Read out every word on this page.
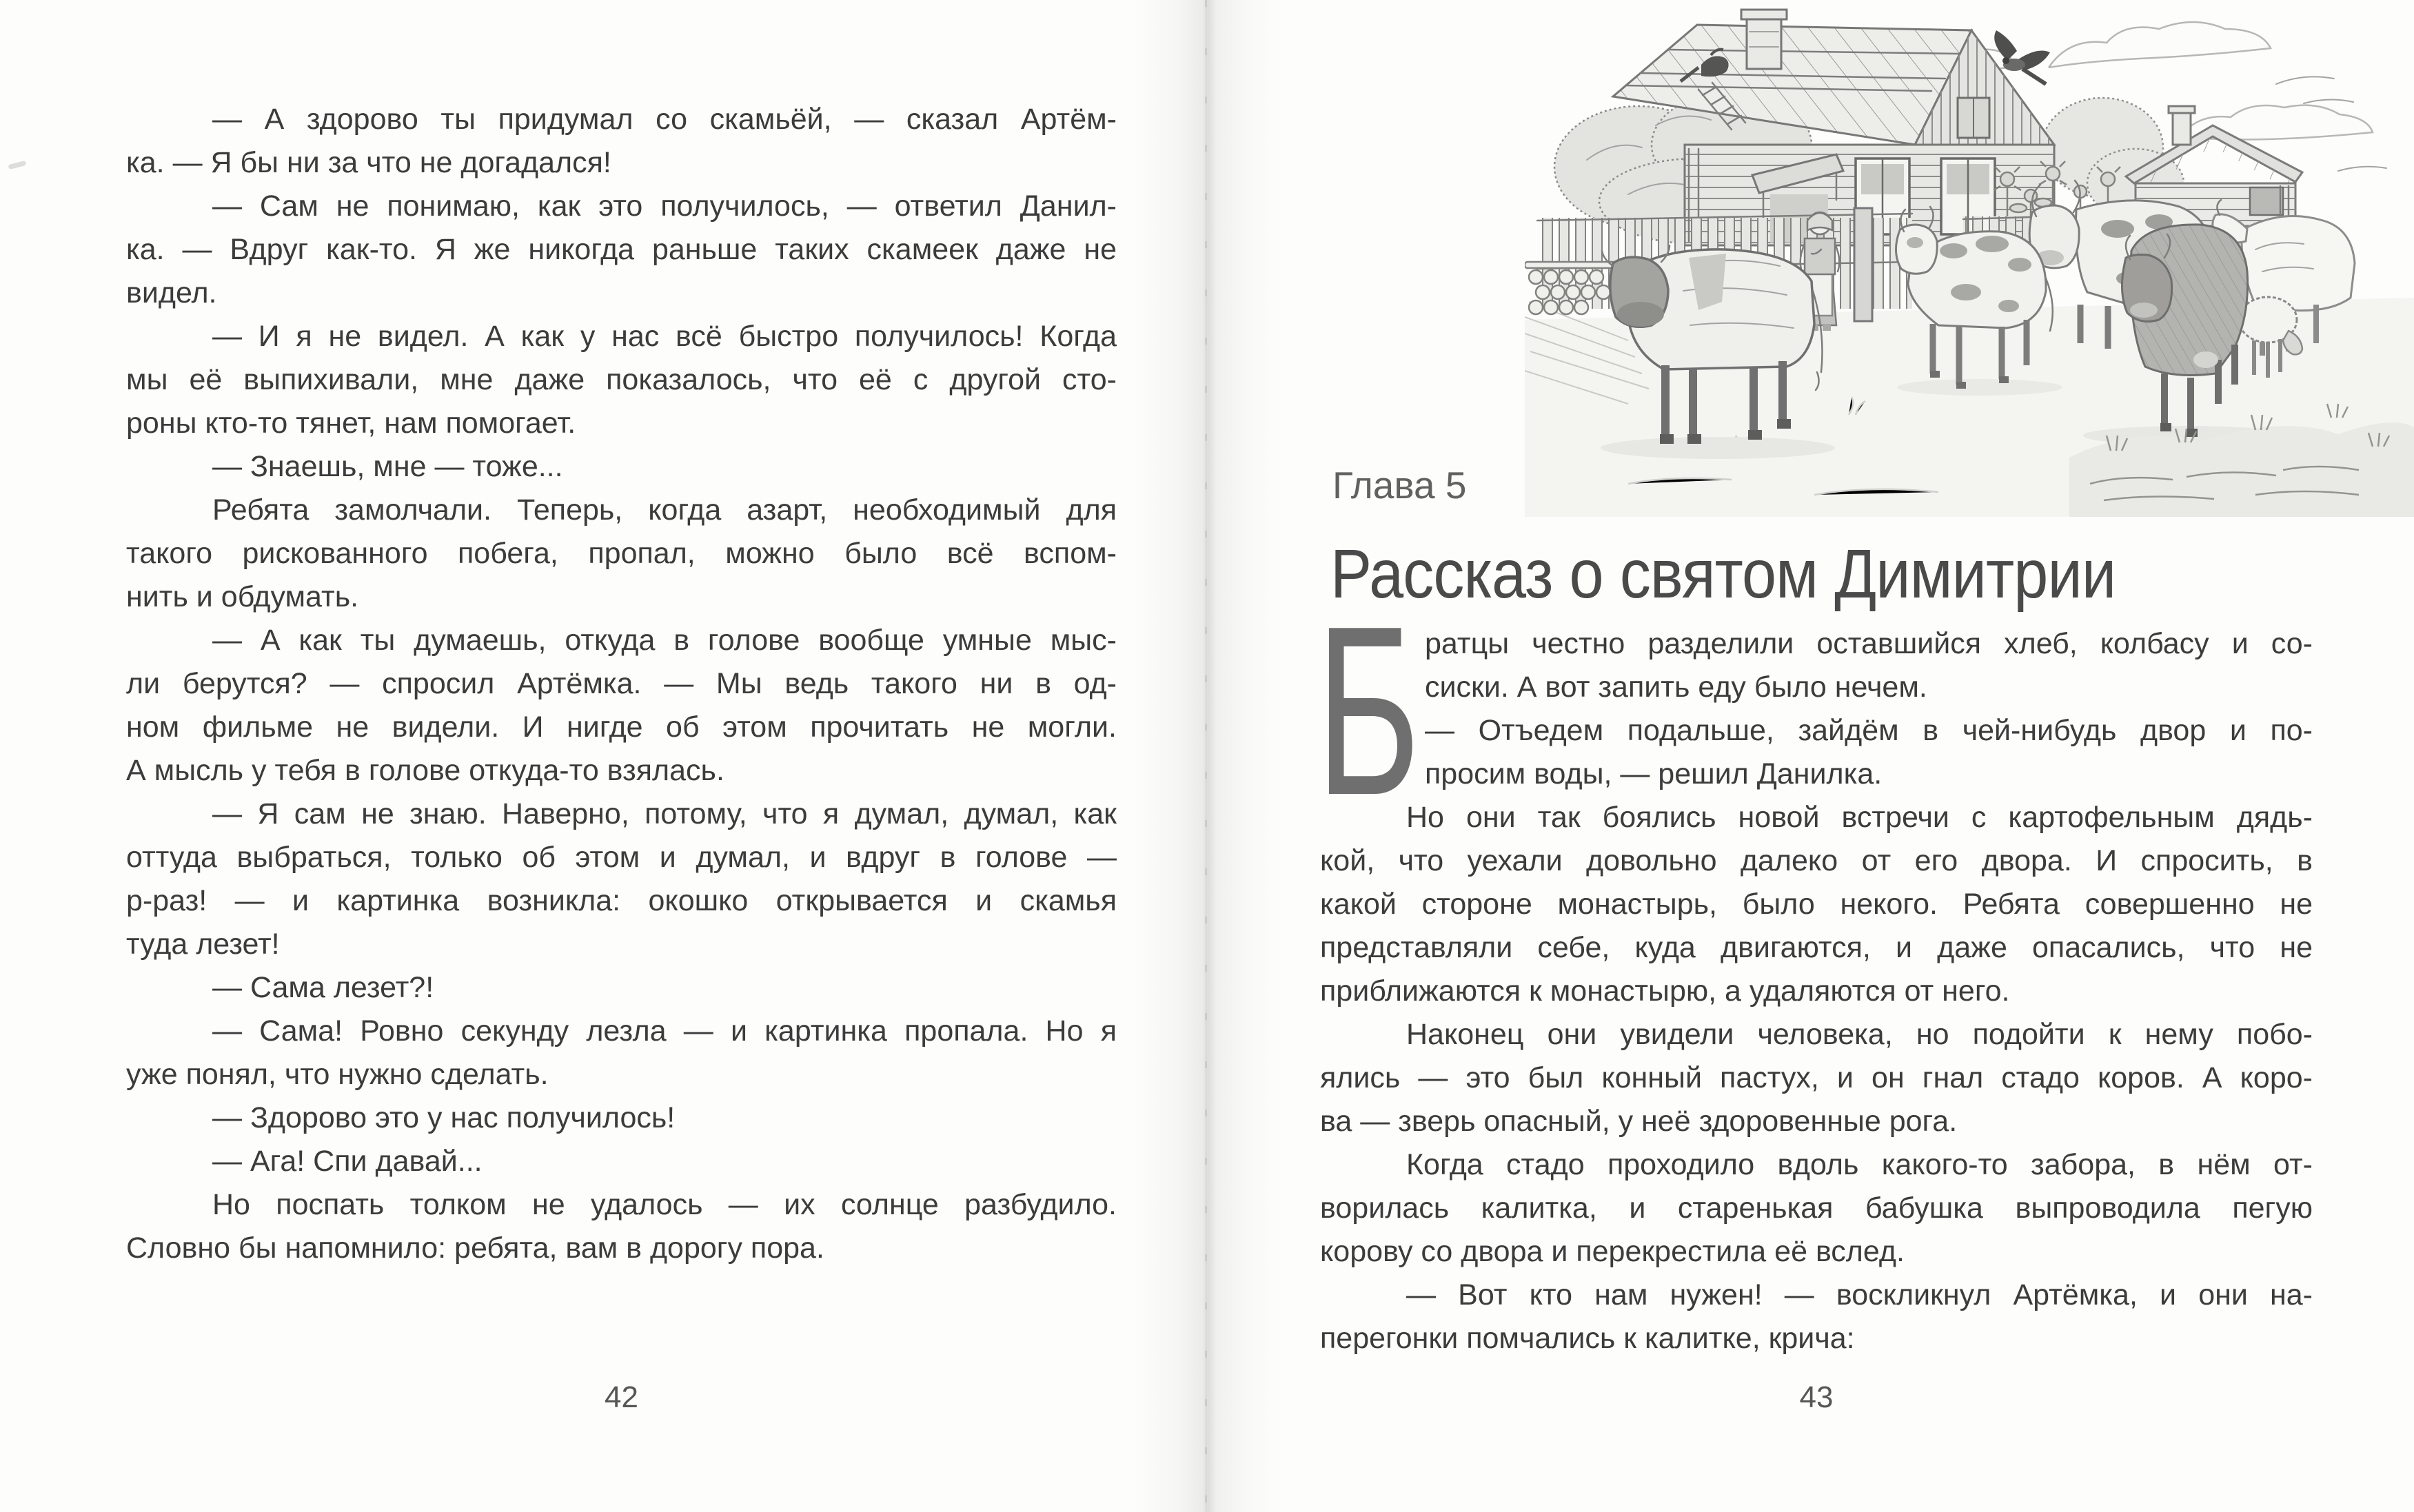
— А здорово ты придумал со скамьёй, — сказал Артём-
ка. — Я бы ни за что не догадался!
— Сам не понимаю, как это получилось, — ответил Данил-
ка. — Вдруг как-то. Я же никогда раньше таких скамеек даже не
видел.
— И я не видел. А как у нас всё быстро получилось! Когда
мы её выпихивали, мне даже показалось, что её с другой сто-
роны кто-то тянет, нам помогает.
— Знаешь, мне — тоже...
Ребята замолчали. Теперь, когда азарт, необходимый для
такого рискованного побега, пропал, можно было всё вспом-
нить и обдумать.
— А как ты думаешь, откуда в голове вообще умные мыс-
ли берутся? — спросил Артёмка. — Мы ведь такого ни в од-
ном фильме не видели. И нигде об этом прочитать не могли.
А мысль у тебя в голове откуда-то взялась.
— Я сам не знаю. Наверно, потому, что я думал, думал, как
оттуда выбраться, только об этом и думал, и вдруг в голове —
р-раз! — и картинка возникла: окошко открывается и скамья
туда лезет!
— Сама лезет?!
— Сама! Ровно секунду лезла — и картинка пропала. Но я
уже понял, что нужно сделать.
— Здорово это у нас получилось!
— Ага! Спи давай...
Но поспать толком не удалось — их солнце разбудило.
Словно бы напомнило: ребята, вам в дорогу пора.
42
Глава 5
Рассказ о святом Димитрии
Б ратцы честно разделили оставшийся хлеб, колбасу и со-
сиски. А вот запить еду было нечем.
— Отъедем подальше, зайдём в чей-нибудь двор и по-
просим воды, — решил Данилка.
Но они так боялись новой встречи с картофельным дядь-
кой, что уехали довольно далеко от его двора. И спросить, в
какой стороне монастырь, было некого. Ребята совершенно не
представляли себе, куда двигаются, и даже опасались, что не
приближаются к монастырю, а удаляются от него.
Наконец они увидели человека, но подойти к нему побо-
ялись — это был конный пастух, и он гнал стадо коров. А коро-
ва — зверь опасный, у неё здоровенные рога.
Когда стадо проходило вдоль какого-то забора, в нём от-
ворилась калитка, и старенькая бабушка выпроводила пегую
корову со двора и перекрестила её вслед.
— Вот кто нам нужен! — воскликнул Артёмка, и они на-
перегонки помчались к калитке, крича:
43
